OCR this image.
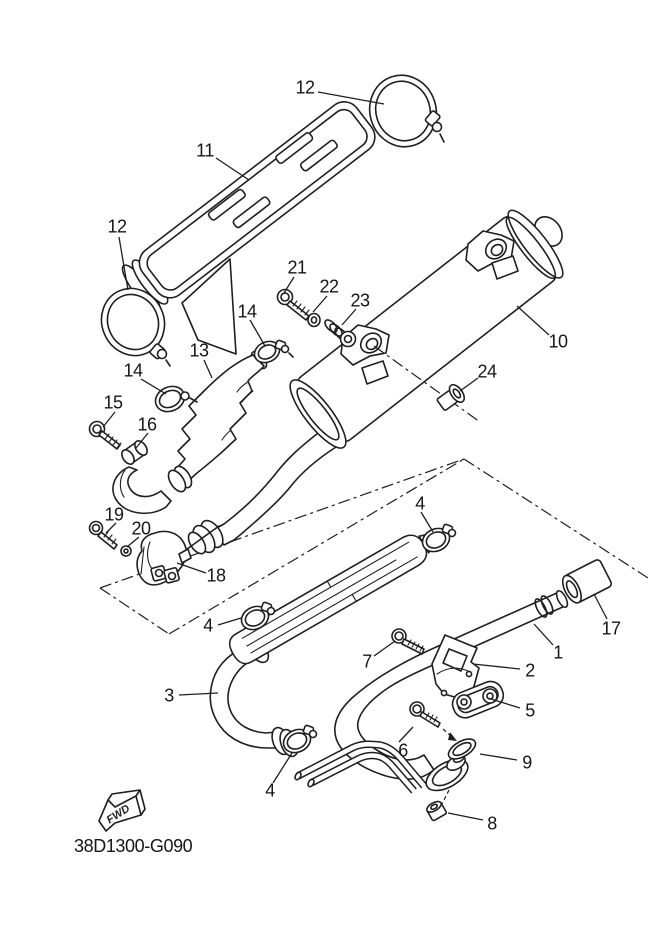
FWD
12
11
12
21
22
23
14
13	10
14
15
16
24
19
20
18
4
4	17
1
7	2
3
5
6
9
4
8
38D1300-G090
